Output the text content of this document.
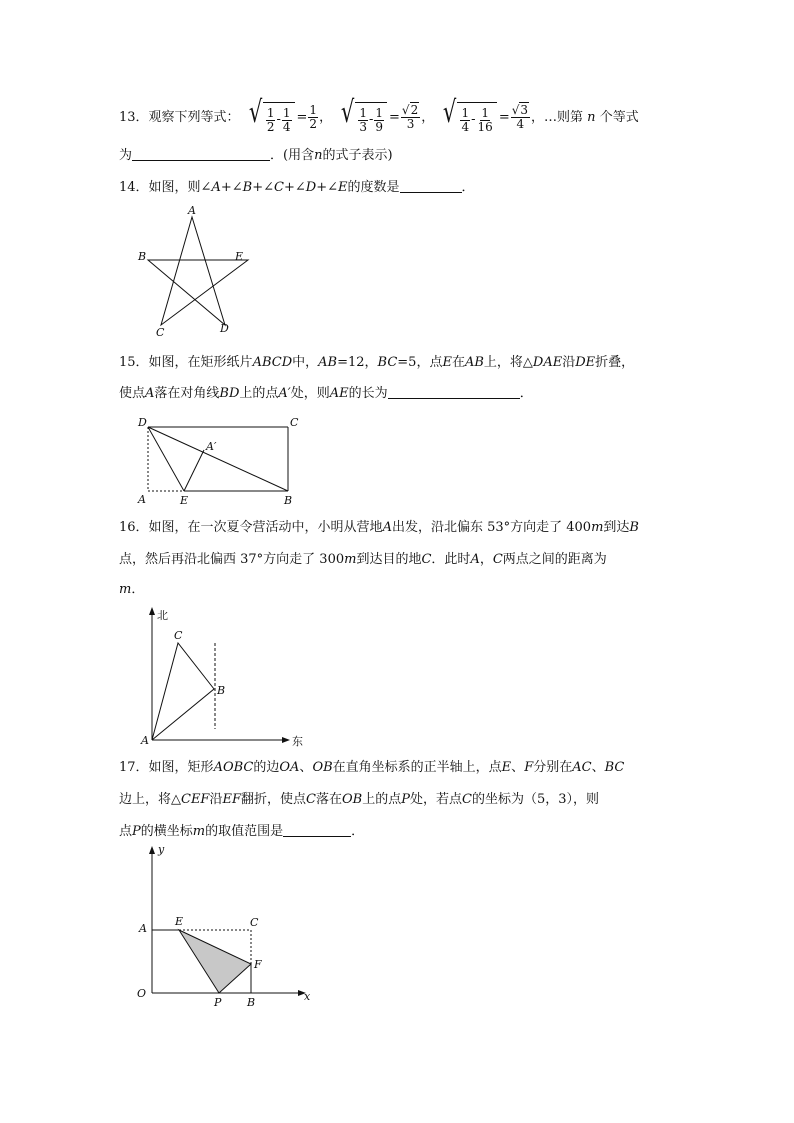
13．观察下列等式： √ $\frac{1}{2} - \frac{1}{4} = \frac{1}{2}$ ， √ $\frac{1}{3} - \frac{1}{9} = \frac{√2}{3}$ ， √ $\frac{1}{4} - \frac{1}{16} = \frac{√3}{4}$ ，…则第 n 个等式
为	．(用含n的式子表示)
14．如图，则∠A+∠B+∠C+∠D+∠E的度数是	．
A
B	E
C	D
15．如图，在矩形纸片ABCD中，AB=12，BC=5，点E在AB上，将△DAE沿DE折叠，
使点A落在对角线BD上的点A′处，则AE的长为	．
D	C
A′
A	E	B
16．如图，在一次夏令营活动中，小明从营地A出发，沿北偏东 53°方向走了 400m到达B
点，然后再沿北偏西 37°方向走了 300m到达目的地C．此时A，C两点之间的距离为
m．
北
东
A
B
C
17．如图，矩形AOBC的边OA、OB在直角坐标系的正半轴上，点E、F分别在AC、BC
边上，将△CEF沿EF翻折，使点C落在OB上的点P处，若点C的坐标为（5，3），则
点P的横坐标m的取值范围是	．
y
x
A
E	C
F
O
P B
